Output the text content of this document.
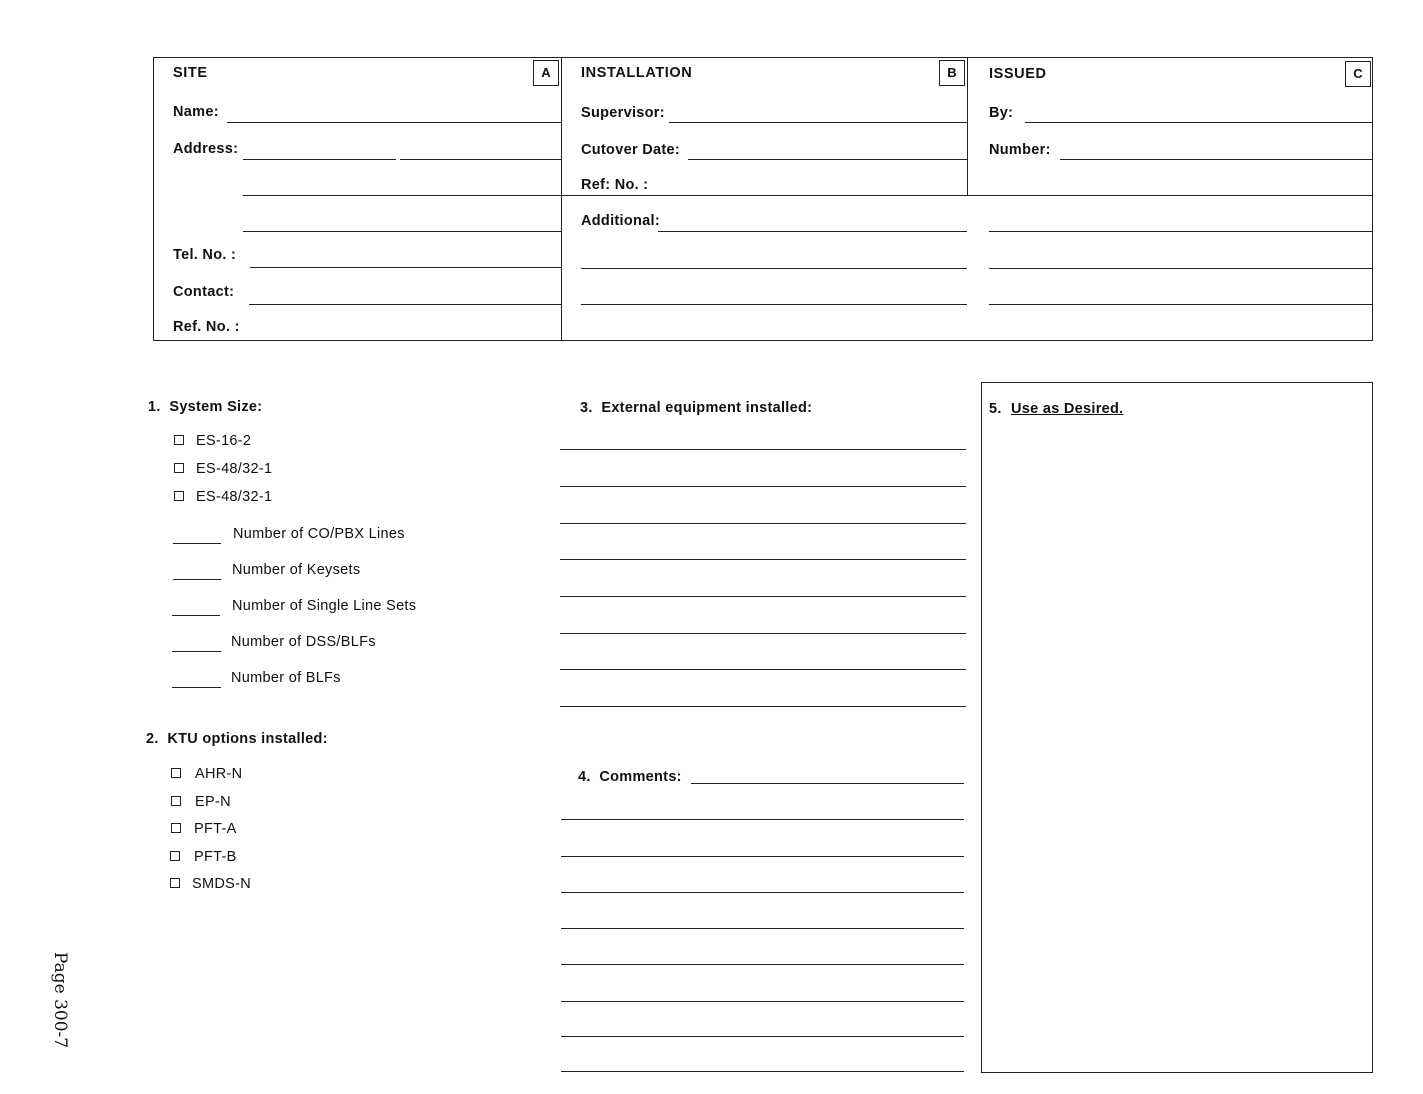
A	B	C
SITE
Name:
Address:
Tel. No. :
Contact:
Ref. No. :
INSTALLATION
Supervisor:
Cutover Date:
Ref: No. :
Additional:
ISSUED
By:
Number:
1.  System Size:
ES-16-2
ES-48/32-1
ES-48/32-1
Number of CO/PBX Lines
Number of Keysets
Number of Single Line Sets
Number of DSS/BLFs
Number of BLFs
2.  KTU options installed:
AHR-N
EP-N
PFT-A
PFT-B
SMDS-N
3.  External equipment installed:
4.  Comments:
5. Use as Desired.
Page 300-7
